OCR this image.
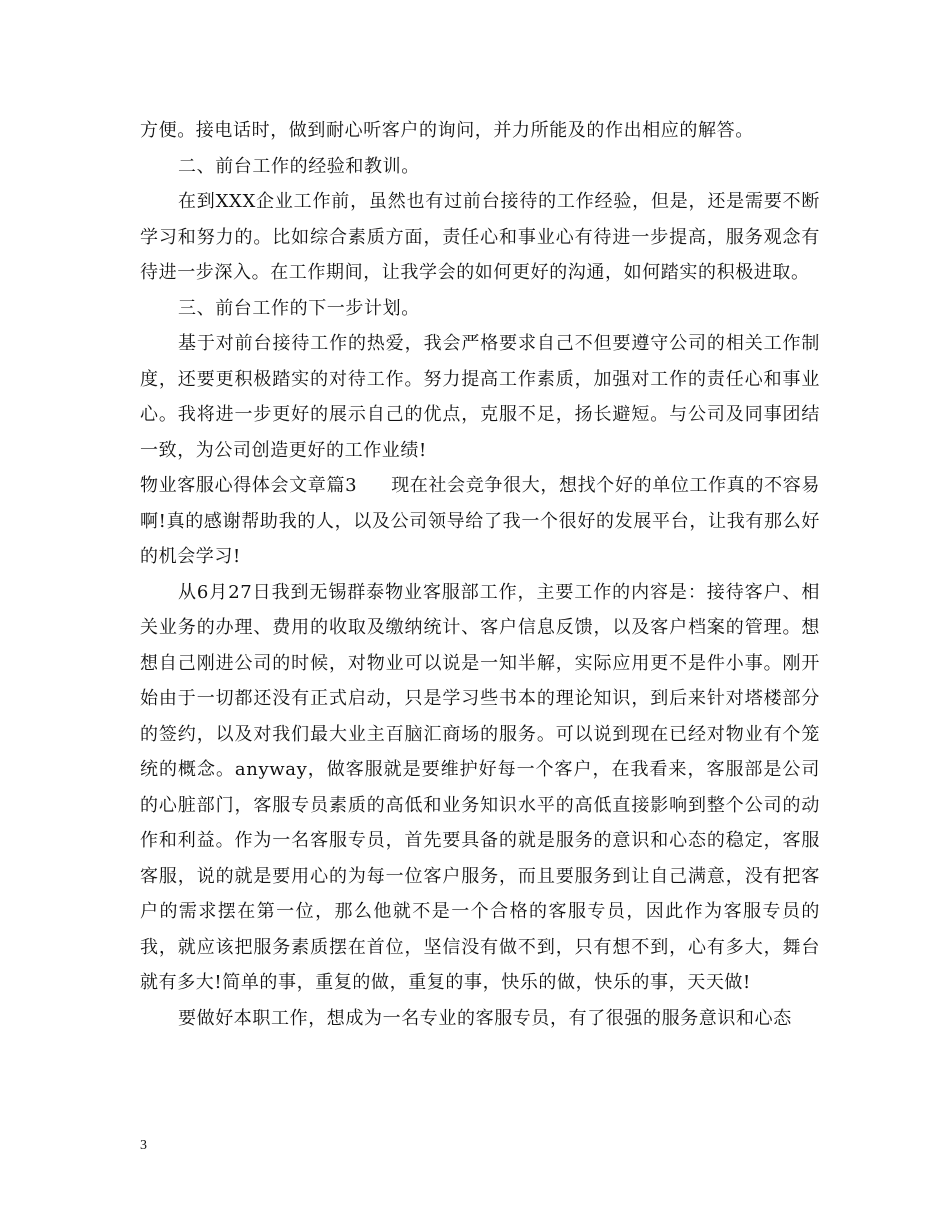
方便。接电话时，做到耐心听客户的询问，并力所能及的作出相应的解答。

二、前台工作的经验和教训。

在到XXX企业工作前，虽然也有过前台接待的工作经验，但是，还是需要不断学习和努力的。比如综合素质方面，责任心和事业心有待进一步提高，服务观念有待进一步深入。在工作期间，让我学会的如何更好的沟通，如何踏实的积极进取。

三、前台工作的下一步计划。

基于对前台接待工作的热爱，我会严格要求自己不但要遵守公司的相关工作制度，还要更积极踏实的对待工作。努力提高工作素质，加强对工作的责任心和事业心。我将进一步更好的展示自己的优点，克服不足，扬长避短。与公司及同事团结一致，为公司创造更好的工作业绩!

物业客服心得体会文章篇3 现在社会竞争很大，想找个好的单位工作真的不容易啊!真的感谢帮助我的人，以及公司领导给了我一个很好的发展平台，让我有那么好的机会学习!

从6月27日我到无锡群泰物业客服部工作，主要工作的内容是：接待客户、相关业务的办理、费用的收取及缴纳统计、客户信息反馈，以及客户档案的管理。想想自己刚进公司的时候，对物业可以说是一知半解，实际应用更不是件小事。刚开始由于一切都还没有正式启动，只是学习些书本的理论知识，到后来针对塔楼部分的签约，以及对我们最大业主百脑汇商场的服务。可以说到现在已经对物业有个笼统的概念。anyway，做客服就是要维护好每一个客户，在我看来，客服部是公司的心脏部门，客服专员素质的高低和业务知识水平的高低直接影响到整个公司的动作和利益。作为一名客服专员，首先要具备的就是服务的意识和心态的稳定，客服客服，说的就是要用心的为每一位客户服务，而且要服务到让自己满意，没有把客户的需求摆在第一位，那么他就不是一个合格的客服专员，因此作为客服专员的我，就应该把服务素质摆在首位，坚信没有做不到，只有想不到，心有多大，舞台就有多大!简单的事，重复的做，重复的事，快乐的做，快乐的事，天天做!

要做好本职工作，想成为一名专业的客服专员，有了很强的服务意识和心态

3
